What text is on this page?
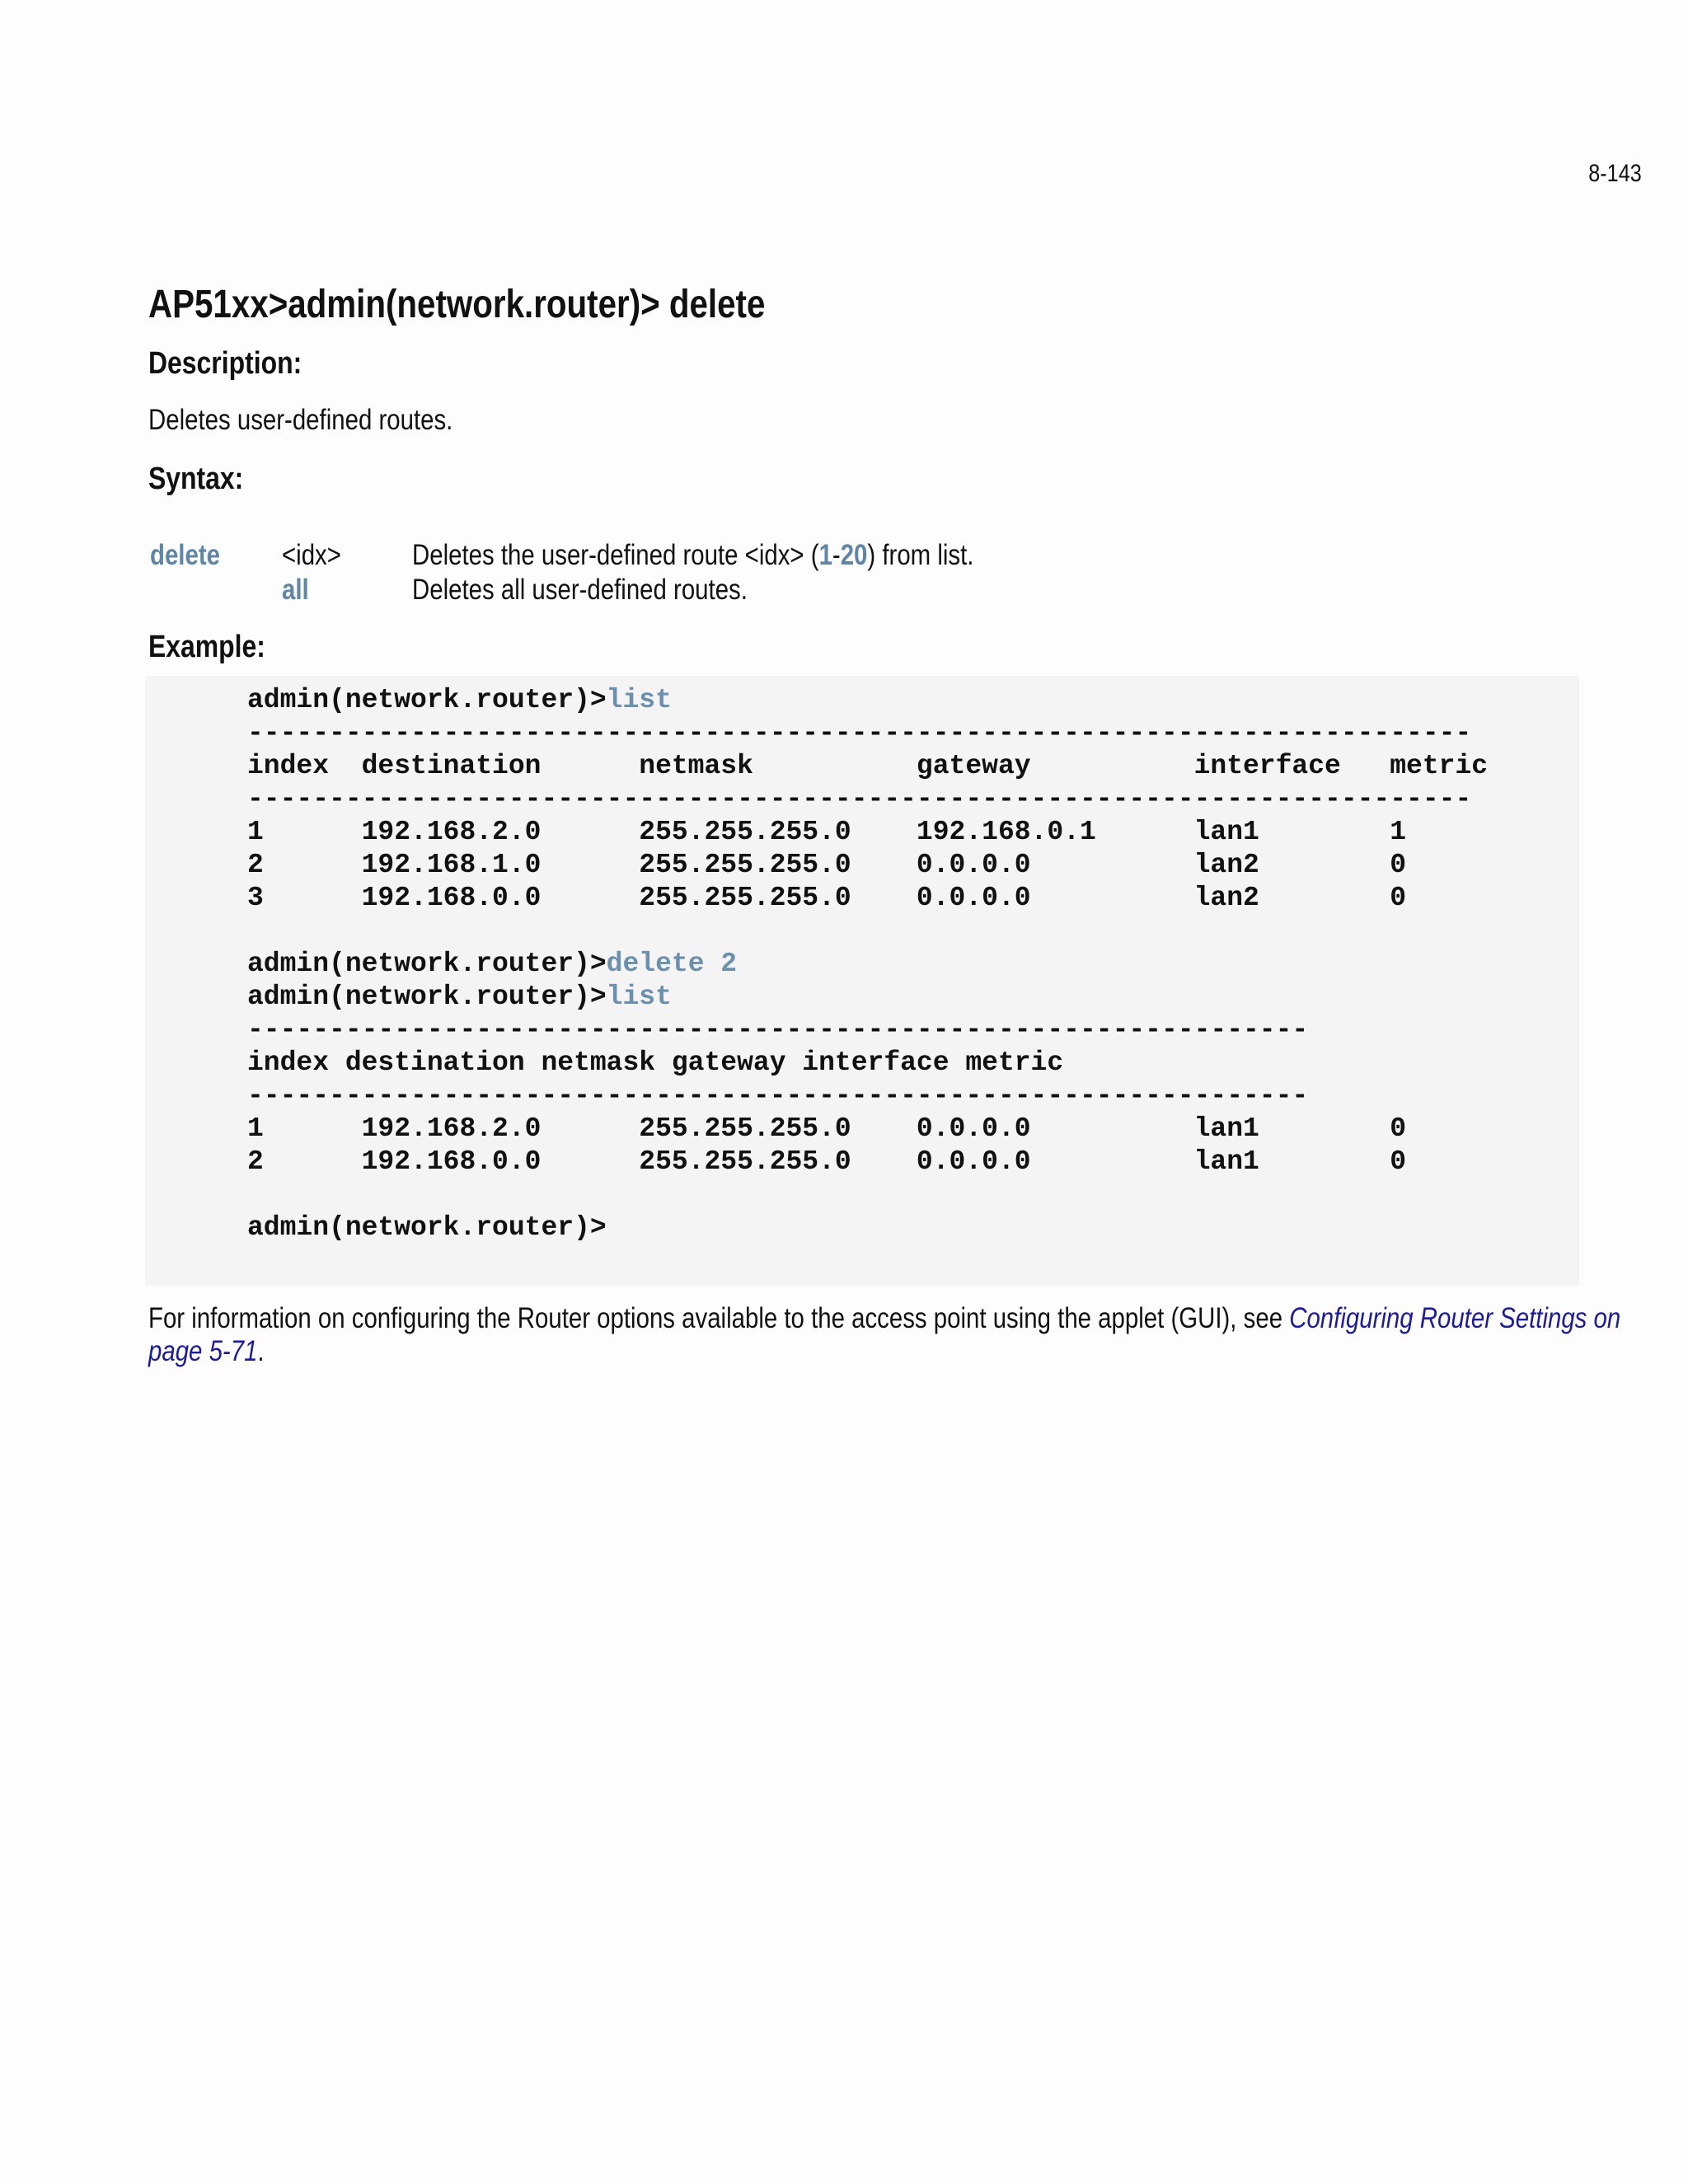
8-143
AP51xx>admin(network.router)> delete
Description:
Deletes user-defined routes.
Syntax:
delete <idx> Deletes the user-defined route <idx> (1-20) from list.
all	Deletes all user-defined routes.
Example:
admin(network.router)>list
---------------------------------------------------------------------------
index  destination      netmask          gateway          interface   metric
---------------------------------------------------------------------------
1      192.168.2.0      255.255.255.0    192.168.0.1      lan1        1
2      192.168.1.0      255.255.255.0    0.0.0.0          lan2        0
3      192.168.0.0      255.255.255.0    0.0.0.0          lan2        0
admin(network.router)>delete 2
admin(network.router)>list
-----------------------------------------------------------------
index destination netmask gateway interface metric
-----------------------------------------------------------------
1      192.168.2.0      255.255.255.0    0.0.0.0          lan1        0
2      192.168.0.0      255.255.255.0    0.0.0.0          lan1        0
admin(network.router)>
For information on configuring the Router options available to the access point using the applet (GUI), see Configuring Router Settings on page 5-71.
